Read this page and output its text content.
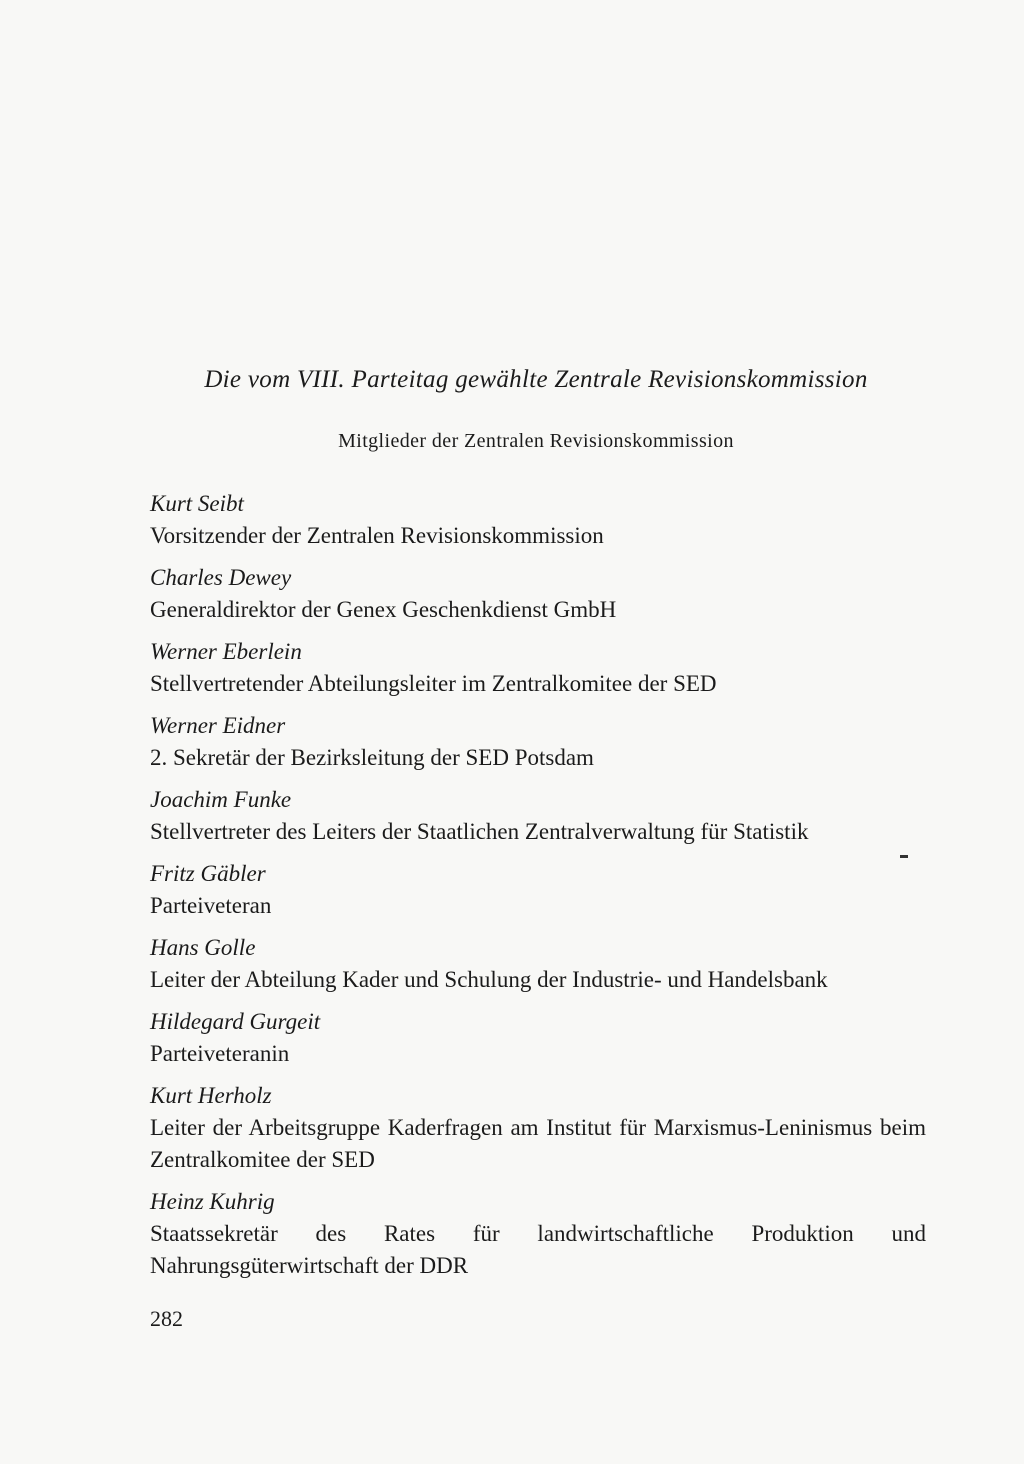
Die vom VIII. Parteitag gewählte Zentrale Revisionskommission
Mitglieder der Zentralen Revisionskommission
Kurt Seibt
Vorsitzender der Zentralen Revisionskommission
Charles Dewey
Generaldirektor der Genex Geschenkdienst GmbH
Werner Eberlein
Stellvertretender Abteilungsleiter im Zentralkomitee der SED
Werner Eidner
2. Sekretär der Bezirksleitung der SED Potsdam
Joachim Funke
Stellvertreter des Leiters der Staatlichen Zentralverwaltung für Statistik
Fritz Gäbler
Parteiveteran
Hans Golle
Leiter der Abteilung Kader und Schulung der Industrie- und Handelsbank
Hildegard Gurgeit
Parteiveteranin
Kurt Herholz
Leiter der Arbeitsgruppe Kaderfragen am Institut für Marxismus-Leninismus beim Zentralkomitee der SED
Heinz Kuhrig
Staatssekretär des Rates für landwirtschaftliche Produktion und Nahrungsgüterwirtschaft der DDR
282
